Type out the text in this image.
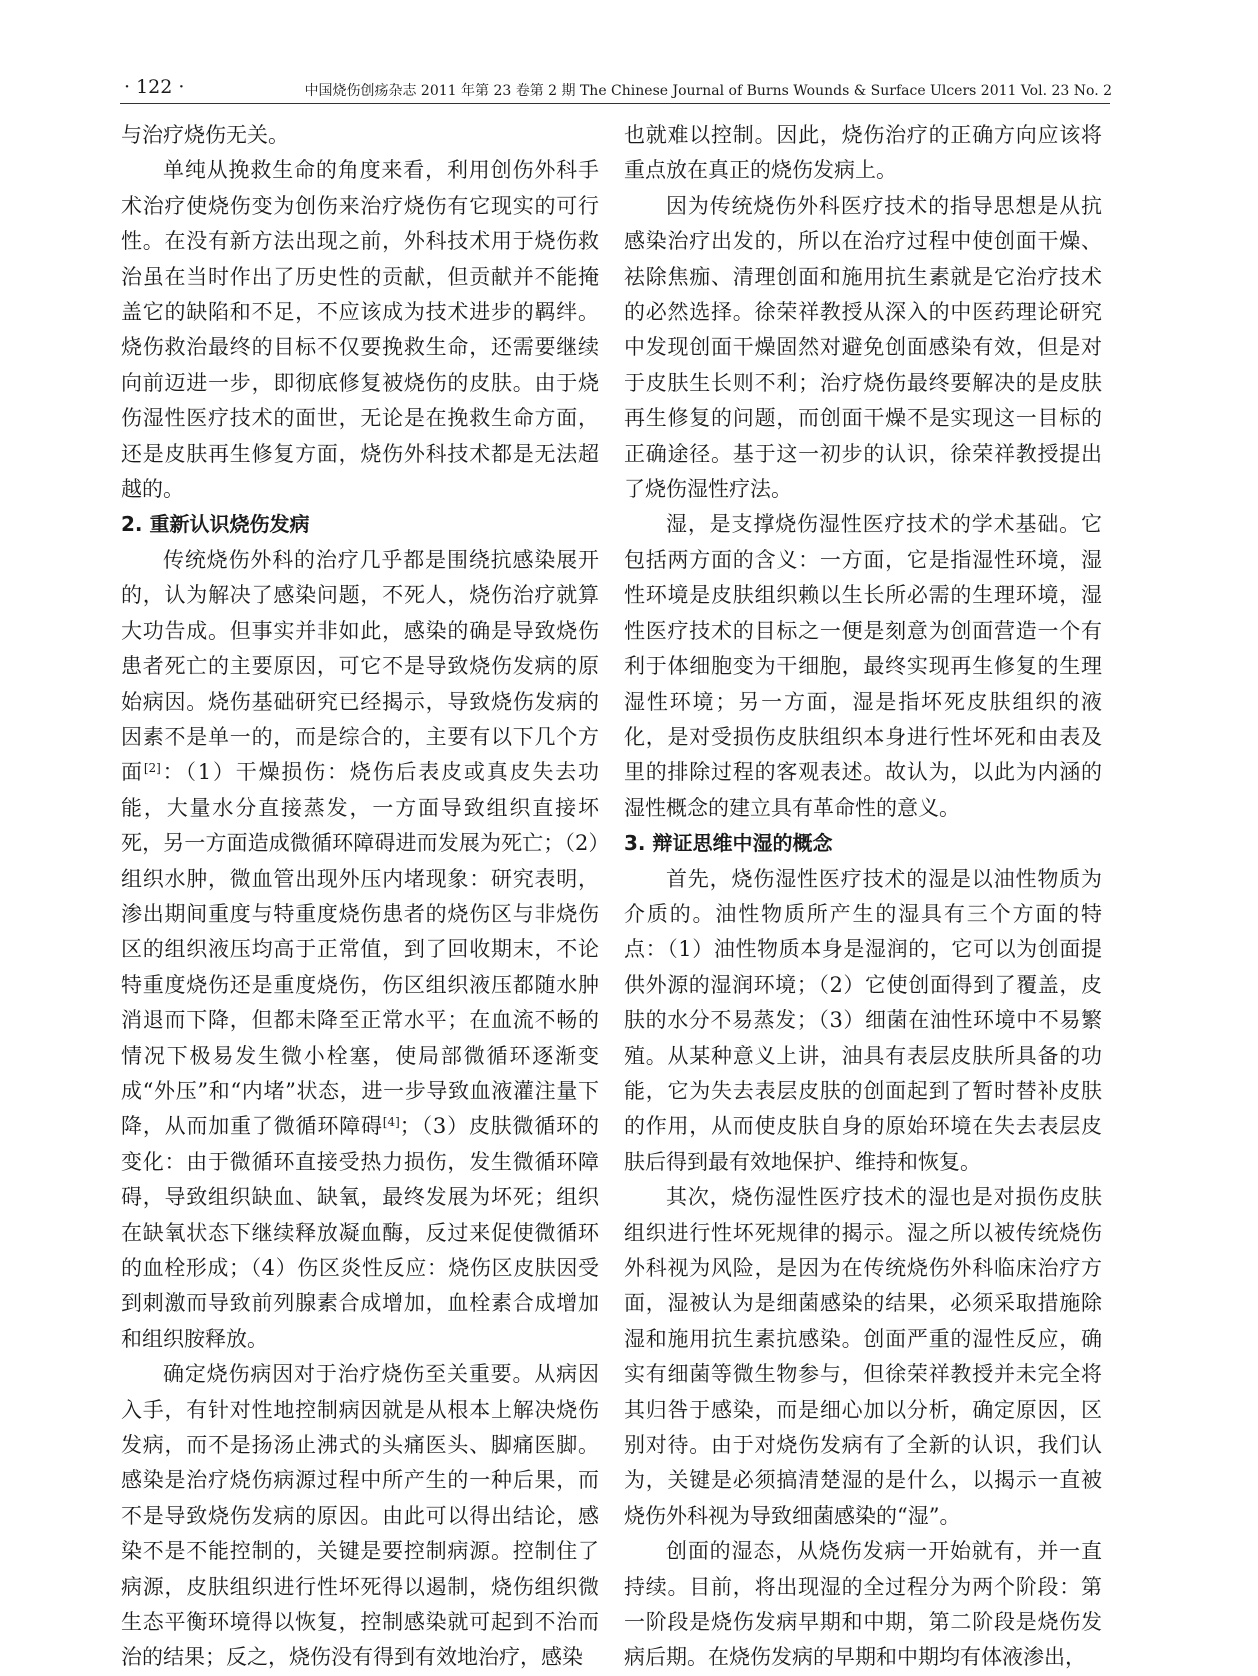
· 122 ·	中国烧伤创疡杂志 2011 年第 23 卷第 2 期 The Chinese Journal of Burns Wounds & Surface Ulcers 2011 Vol. 23 No. 2

与治疗烧伤无关。

单纯从挽救生命的角度来看，利用创伤外科手术治疗使烧伤变为创伤来治疗烧伤有它现实的可行性。在没有新方法出现之前，外科技术用于烧伤救治虽在当时作出了历史性的贡献，但贡献并不能掩盖它的缺陷和不足，不应该成为技术进步的羁绊。烧伤救治最终的目标不仅要挽救生命，还需要继续向前迈进一步，即彻底修复被烧伤的皮肤。由于烧伤湿性医疗技术的面世，无论是在挽救生命方面，还是皮肤再生修复方面，烧伤外科技术都是无法超越的。

2. 重新认识烧伤发病

传统烧伤外科的治疗几乎都是围绕抗感染展开的，认为解决了感染问题，不死人，烧伤治疗就算大功告成。但事实并非如此，感染的确是导致烧伤患者死亡的主要原因，可它不是导致烧伤发病的原始病因。烧伤基础研究已经揭示，导致烧伤发病的因素不是单一的，而是综合的，主要有以下几个方面[2]：（1）干燥损伤：烧伤后表皮或真皮失去功能，大量水分直接蒸发，一方面导致组织直接坏死，另一方面造成微循环障碍进而发展为死亡；（2）组织水肿，微血管出现外压内堵现象：研究表明，渗出期间重度与特重度烧伤患者的烧伤区与非烧伤区的组织液压均高于正常值，到了回收期末，不论特重度烧伤还是重度烧伤，伤区组织液压都随水肿消退而下降，但都未降至正常水平；在血流不畅的情况下极易发生微小栓塞，使局部微循环逐渐变成“外压”和“内堵”状态，进一步导致血液灌注量下降，从而加重了微循环障碍[4]；（3）皮肤微循环的变化：由于微循环直接受热力损伤，发生微循环障碍，导致组织缺血、缺氧，最终发展为坏死；组织在缺氧状态下继续释放凝血酶，反过来促使微循环的血栓形成；（4）伤区炎性反应：烧伤区皮肤因受到刺激而导致前列腺素合成增加，血栓素合成增加和组织胺释放。

确定烧伤病因对于治疗烧伤至关重要。从病因入手，有针对性地控制病因就是从根本上解决烧伤发病，而不是扬汤止沸式的头痛医头、脚痛医脚。感染是治疗烧伤病源过程中所产生的一种后果，而不是导致烧伤发病的原因。由此可以得出结论，感染不是不能控制的，关键是要控制病源。控制住了病源，皮肤组织进行性坏死得以遏制，烧伤组织微生态平衡环境得以恢复，控制感染就可起到不治而治的结果；反之，烧伤没有得到有效地治疗，感染

也就难以控制。因此，烧伤治疗的正确方向应该将重点放在真正的烧伤发病上。

因为传统烧伤外科医疗技术的指导思想是从抗感染治疗出发的，所以在治疗过程中使创面干燥、祛除焦痂、清理创面和施用抗生素就是它治疗技术的必然选择。徐荣祥教授从深入的中医药理论研究中发现创面干燥固然对避免创面感染有效，但是对于皮肤生长则不利；治疗烧伤最终要解决的是皮肤再生修复的问题，而创面干燥不是实现这一目标的正确途径。基于这一初步的认识，徐荣祥教授提出了烧伤湿性疗法。

湿，是支撑烧伤湿性医疗技术的学术基础。它包括两方面的含义：一方面，它是指湿性环境，湿性环境是皮肤组织赖以生长所必需的生理环境，湿性医疗技术的目标之一便是刻意为创面营造一个有利于体细胞变为干细胞，最终实现再生修复的生理湿性环境；另一方面，湿是指坏死皮肤组织的液化，是对受损伤皮肤组织本身进行性坏死和由表及里的排除过程的客观表述。故认为，以此为内涵的湿性概念的建立具有革命性的意义。

3. 辩证思维中湿的概念

首先，烧伤湿性医疗技术的湿是以油性物质为介质的。油性物质所产生的湿具有三个方面的特点：（1）油性物质本身是湿润的，它可以为创面提供外源的湿润环境；（2）它使创面得到了覆盖，皮肤的水分不易蒸发；（3）细菌在油性环境中不易繁殖。从某种意义上讲，油具有表层皮肤所具备的功能，它为失去表层皮肤的创面起到了暂时替补皮肤的作用，从而使皮肤自身的原始环境在失去表层皮肤后得到最有效地保护、维持和恢复。

其次，烧伤湿性医疗技术的湿也是对损伤皮肤组织进行性坏死规律的揭示。湿之所以被传统烧伤外科视为风险，是因为在传统烧伤外科临床治疗方面，湿被认为是细菌感染的结果，必须采取措施除湿和施用抗生素抗感染。创面严重的湿性反应，确实有细菌等微生物参与，但徐荣祥教授并未完全将其归咎于感染，而是细心加以分析，确定原因，区别对待。由于对烧伤发病有了全新的认识，我们认为，关键是必须搞清楚湿的是什么，以揭示一直被烧伤外科视为导致细菌感染的“湿”。

创面的湿态，从烧伤发病一开始就有，并一直持续。目前，将出现湿的全过程分为两个阶段：第一阶段是烧伤发病早期和中期，第二阶段是烧伤发病后期。在烧伤发病的早期和中期均有体液渗出，
